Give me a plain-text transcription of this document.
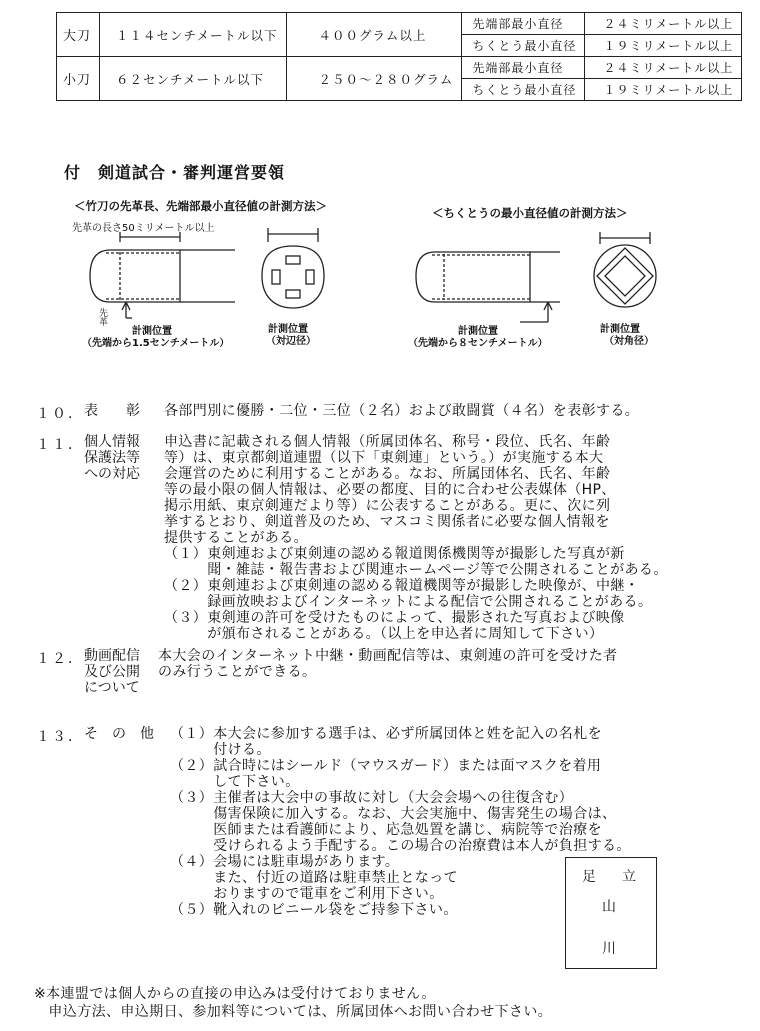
大刀	１１４センチメートル以下	４００グラム以上	先端部最小直径	２４ミリメートル以上
			ちくとう最小直径	１９ミリメートル以上
小刀	６２センチメートル以下	２５０～２８０グラム	先端部最小直径	２４ミリメートル以上
			ちくとう最小直径	１９ミリメートル以上
付　剣道試合・審判運営要領
＜竹刀の先革長、先端部最小直径値の計測方法＞	＜ちくとうの最小直径値の計測方法＞
先革の長さ50ミリメートル以上
先革
計測位置
（先端から1.5センチメートル）
計測位置
（対辺径）
計測位置
（先端から８センチメートル）
計測位置
（対角径）
１０． 表　　彰 各部門別に優勝・二位・三位（２名）および敢闘賞（４名）を表彰する。
１１． 個人情報
保護法等
への対応
申込書に記載される個人情報（所属団体名、称号・段位、氏名、年齢
等）は、東京都剣道連盟（以下「東剣連」という。）が実施する本大
会運営のために利用することがある。なお、所属団体名、氏名、年齢
等の最小限の個人情報は、必要の都度、目的に合わせ公表媒体（HP、
掲示用紙、東京剣連だより等）に公表することがある。更に、次に列
挙するとおり、剣道普及のため、マスコミ関係者に必要な個人情報を
提供することがある。
（１）東剣連および東剣連の認める報道関係機関等が撮影した写真が新
　　　聞・雑誌・報告書および関連ホームページ等で公開されることがある。
（２）東剣連および東剣連の認める報道機関等が撮影した映像が、中継・
　　　録画放映およびインターネットによる配信で公開されることがある。
（３）東剣連の許可を受けたものによって、撮影された写真および映像
　　　が頒布されることがある。（以上を申込者に周知して下さい）
１２． 動画配信
及び公開
について
本大会のインターネット中継・動画配信等は、東剣連の許可を受けた者
のみ行うことができる。
１３． そ　の　他 （１）本大会に参加する選手は、必ず所属団体と姓を記入の名札を
　　　付ける。
（２）試合時にはシールド（マウスガード）または面マスクを着用
　　　して下さい。
（３）主催者は大会中の事故に対し（大会会場への往復含む）
　　　傷害保険に加入する。なお、大会実施中、傷害発生の場合は、
　　　医師または看護師により、応急処置を講じ、病院等で治療を
　　　受けられるよう手配する。この場合の治療費は本人が負担する。
（４）会場には駐車場があります。
　　　また、付近の道路は駐車禁止となって
　　　おりますので電車をご利用下さい。
（５）靴入れのビニール袋をご持参下さい。
足 立
山
川
※本連盟では個人からの直接の申込みは受付けておりません。
　申込方法、申込期日、参加料等については、所属団体へお問い合わせ下さい。
